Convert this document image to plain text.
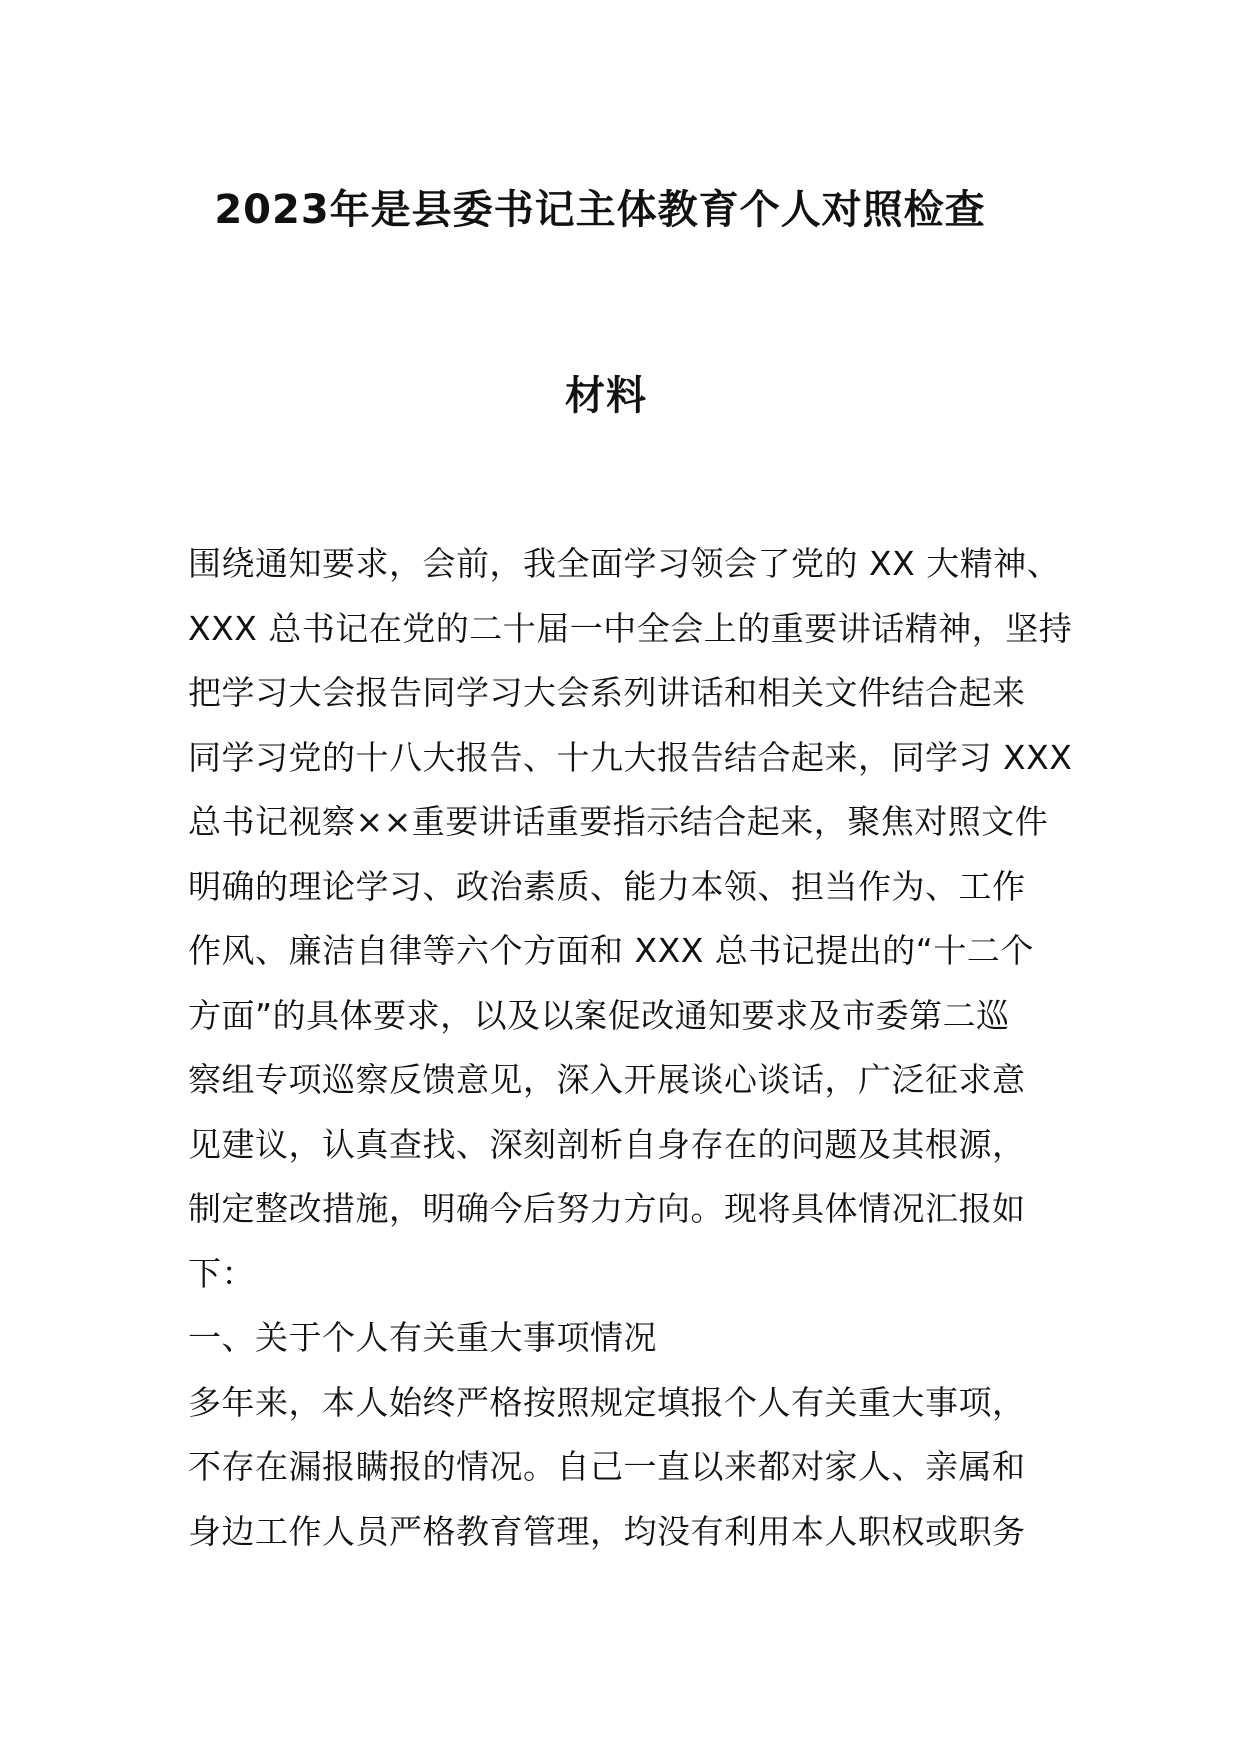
2023年是县委书记主体教育个人对照检查
材料

围绕通知要求，会前，我全面学习领会了党的 XX 大精神、

XXX 总书记在党的二十届一中全会上的重要讲话精神，坚持

把学习大会报告同学习大会系列讲话和相关文件结合起来

同学习党的十八大报告、十九大报告结合起来，同学习 XXX

总书记视察××重要讲话重要指示结合起来，聚焦对照文件

明确的理论学习、政治素质、能力本领、担当作为、工作

作风、廉洁自律等六个方面和 XXX 总书记提出的“十二个

方面”的具体要求，以及以案促改通知要求及市委第二巡

察组专项巡察反馈意见，深入开展谈心谈话，广泛征求意

见建议，认真查找、深刻剖析自身存在的问题及其根源，

制定整改措施，明确今后努力方向。现将具体情况汇报如

下：

一、关于个人有关重大事项情况

多年来，本人始终严格按照规定填报个人有关重大事项，

不存在漏报瞒报的情况。自己一直以来都对家人、亲属和

身边工作人员严格教育管理，均没有利用本人职权或职务
